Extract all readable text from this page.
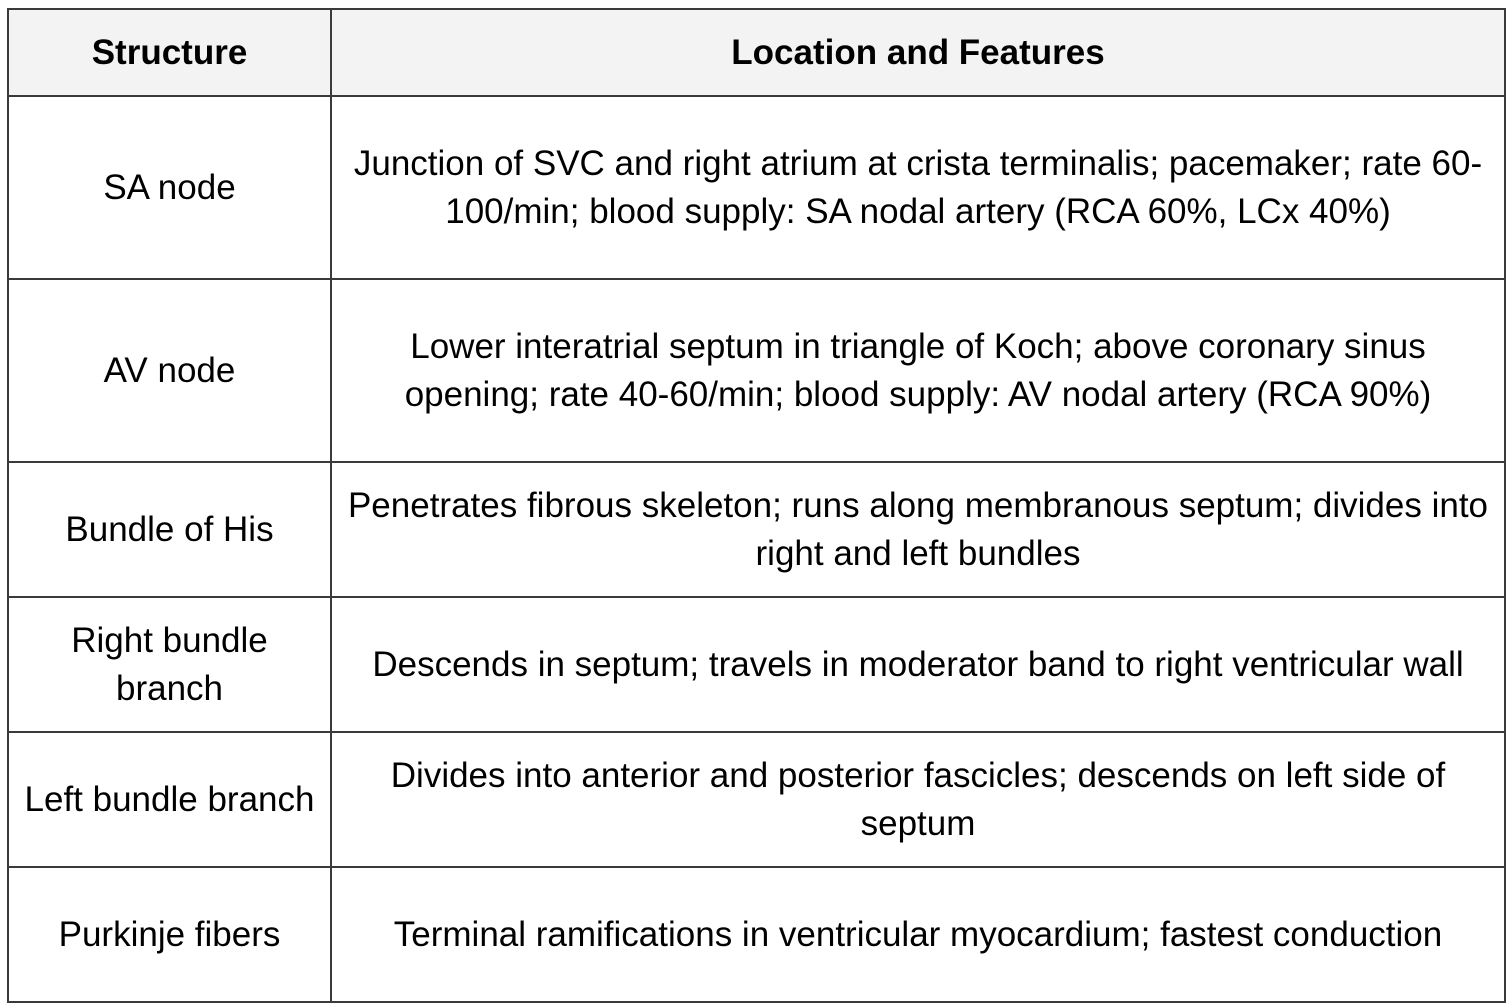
Structure	Location and Features
SA node	Junction of SVC and right atrium at crista terminalis; pacemaker; rate 60-100/min; blood supply: SA nodal artery (RCA 60%, LCx 40%)
AV node	Lower interatrial septum in triangle of Koch; above coronary sinus opening; rate 40-60/min; blood supply: AV nodal artery (RCA 90%)
Bundle of His	Penetrates fibrous skeleton; runs along membranous septum; divides into right and left bundles
Right bundle branch	Descends in septum; travels in moderator band to right ventricular wall
Left bundle branch	Divides into anterior and posterior fascicles; descends on left side of septum
Purkinje fibers	Terminal ramifications in ventricular myocardium; fastest conduction
